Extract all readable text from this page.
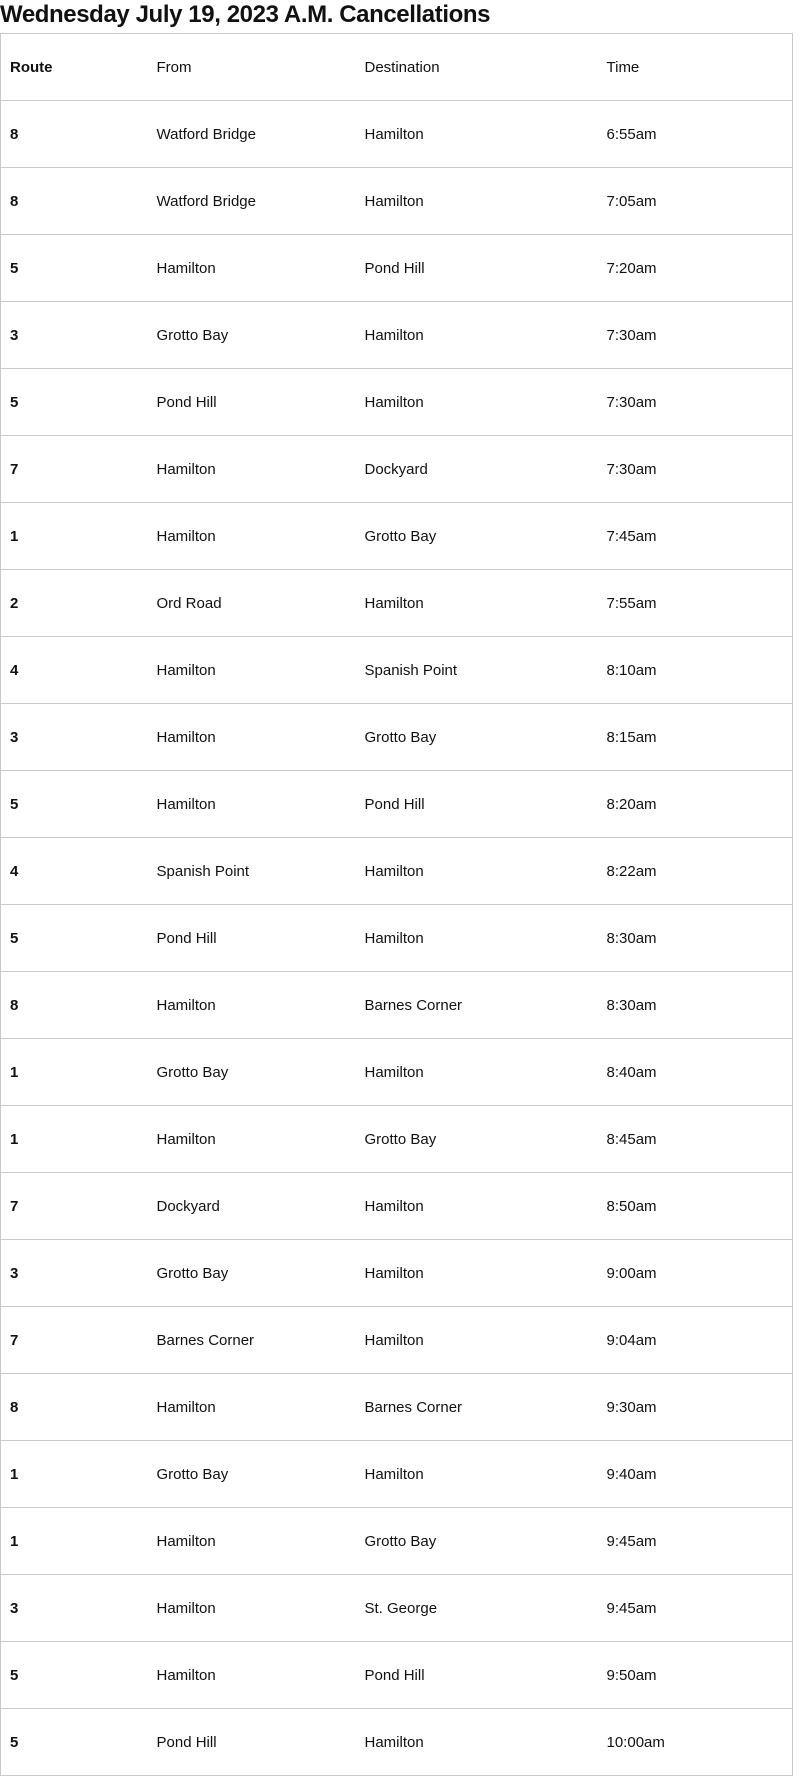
Wednesday July 19, 2023 A.M. Cancellations
Route	From	Destination	Time
8	Watford Bridge	Hamilton	6:55am
8	Watford Bridge	Hamilton	7:05am
5	Hamilton	Pond Hill	7:20am
3	Grotto Bay	Hamilton	7:30am
5	Pond Hill	Hamilton	7:30am
7	Hamilton	Dockyard	7:30am
1	Hamilton	Grotto Bay	7:45am
2	Ord Road	Hamilton	7:55am
4	Hamilton	Spanish Point	8:10am
3	Hamilton	Grotto Bay	8:15am
5	Hamilton	Pond Hill	8:20am
4	Spanish Point	Hamilton	8:22am
5	Pond Hill	Hamilton	8:30am
8	Hamilton	Barnes Corner	8:30am
1	Grotto Bay	Hamilton	8:40am
1	Hamilton	Grotto Bay	8:45am
7	Dockyard	Hamilton	8:50am
3	Grotto Bay	Hamilton	9:00am
7	Barnes Corner	Hamilton	9:04am
8	Hamilton	Barnes Corner	9:30am
1	Grotto Bay	Hamilton	9:40am
1	Hamilton	Grotto Bay	9:45am
3	Hamilton	St. George	9:45am
5	Hamilton	Pond Hill	9:50am
5	Pond Hill	Hamilton	10:00am
